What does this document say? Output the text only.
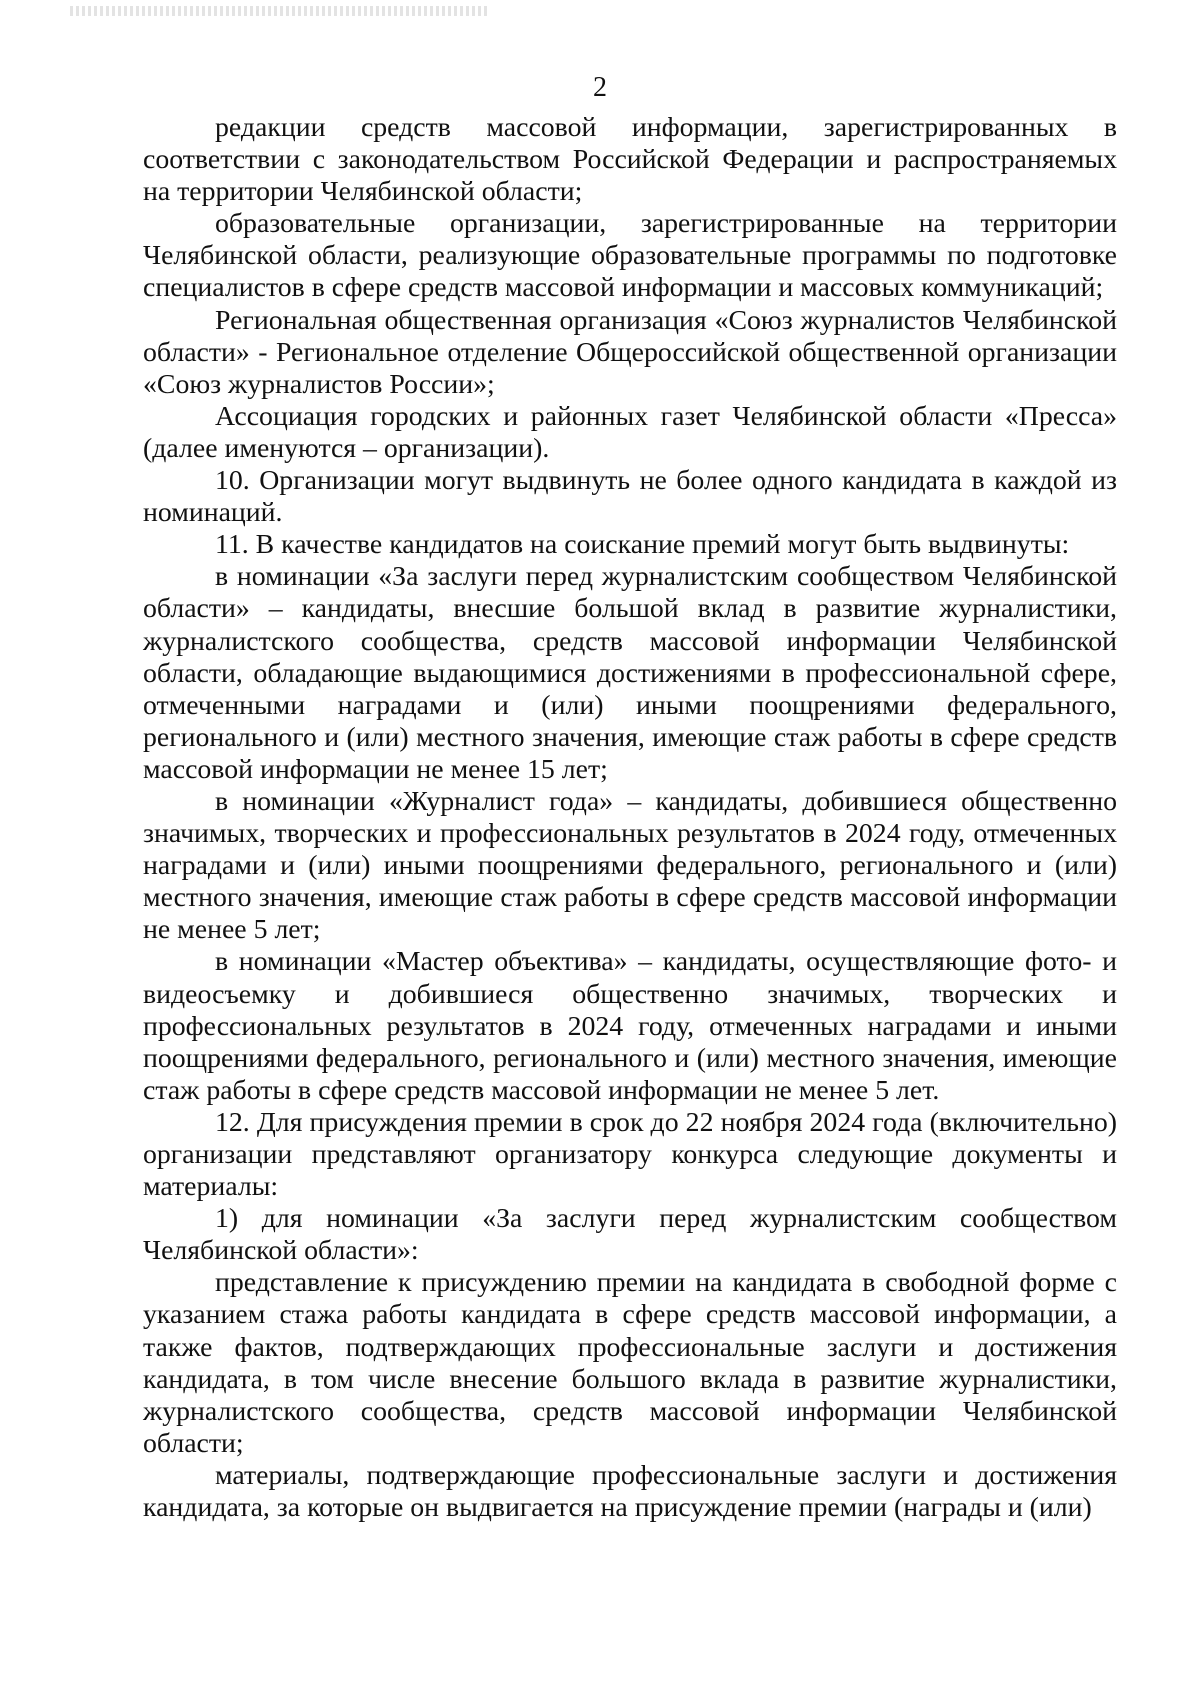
2

редакции средств массовой информации, зарегистрированных в соответствии с законодательством Российской Федерации и распространяемых на территории Челябинской области;

образовательные организации, зарегистрированные на территории Челябинской области, реализующие образовательные программы по подготовке специалистов в сфере средств массовой информации и массовых коммуникаций;

Региональная общественная организация «Союз журналистов Челябинской области» - Региональное отделение Общероссийской общественной организации «Союз журналистов России»;

Ассоциация городских и районных газет Челябинской области «Пресса» (далее именуются – организации).

10. Организации могут выдвинуть не более одного кандидата в каждой из номинаций.

11. В качестве кандидатов на соискание премий могут быть выдвинуты:

в номинации «За заслуги перед журналистским сообществом Челябинской области» – кандидаты, внесшие большой вклад в развитие журналистики, журналистского сообщества, средств массовой информации Челябинской области, обладающие выдающимися достижениями в профессиональной сфере, отмеченными наградами и (или) иными поощрениями федерального, регионального и (или) местного значения, имеющие стаж работы в сфере средств массовой информации не менее 15 лет;

в номинации «Журналист года» – кандидаты, добившиеся общественно значимых, творческих и профессиональных результатов в 2024 году, отмеченных наградами и (или) иными поощрениями федерального, регионального и (или) местного значения, имеющие стаж работы в сфере средств массовой информации не менее 5 лет;

в номинации «Мастер объектива» – кандидаты, осуществляющие фото- и видеосъемку и добившиеся общественно значимых, творческих и профессиональных результатов в 2024 году, отмеченных наградами и иными поощрениями федерального, регионального и (или) местного значения, имеющие стаж работы в сфере средств массовой информации не менее 5 лет.

12. Для присуждения премии в срок до 22 ноября 2024 года (включительно) организации представляют организатору конкурса следующие документы и материалы:

1) для номинации «За заслуги перед журналистским сообществом Челябинской области»:

представление к присуждению премии на кандидата в свободной форме с указанием стажа работы кандидата в сфере средств массовой информации, а также фактов, подтверждающих профессиональные заслуги и достижения кандидата, в том числе внесение большого вклада в развитие журналистики, журналистского сообщества, средств массовой информации Челябинской области;

материалы, подтверждающие профессиональные заслуги и достижения кандидата, за которые он выдвигается на присуждение премии (награды и (или)
